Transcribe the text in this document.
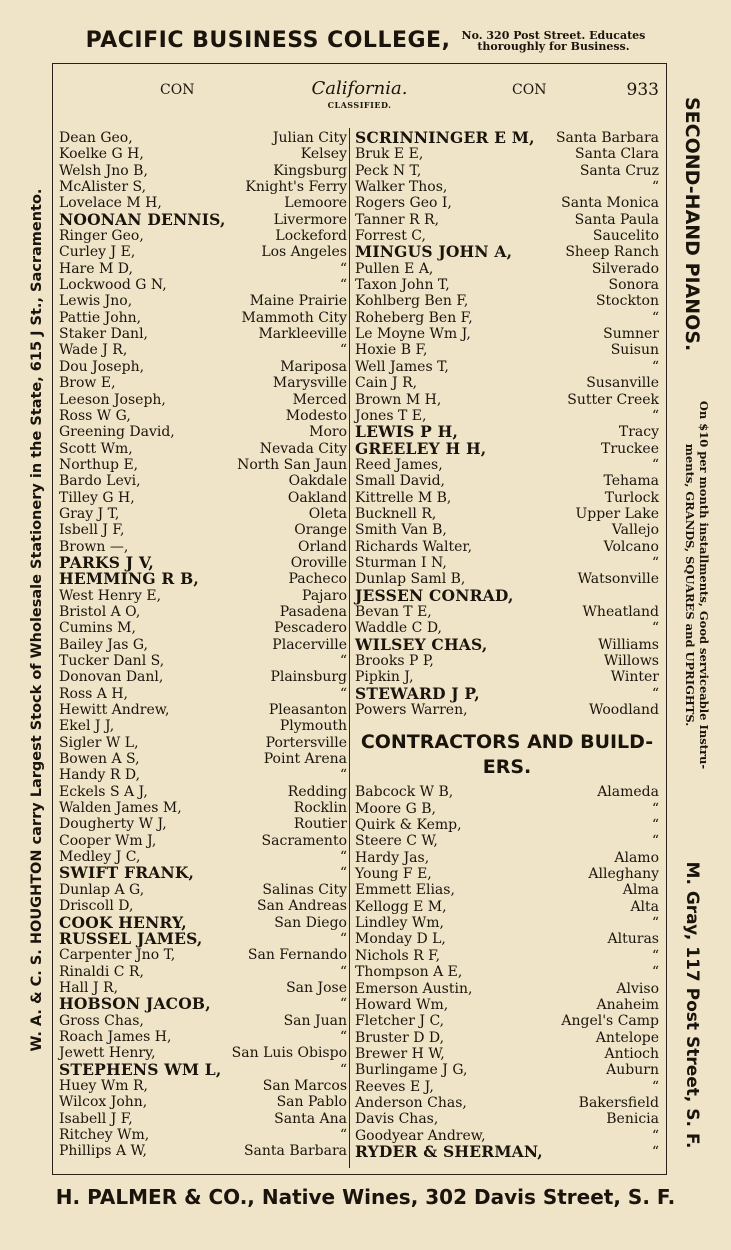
PACIFIC BUSINESS COLLEGE, No. 320 Post Street. Educates
thoroughly for Business.
W. A. & C. S. HOUGHTON carry Largest Stock of Wholesale Stationery in the State, 615 J St., Sacramento.	SECOND-HAND PIANOS.
On $10 per month installments, Good serviceable Instru-
ments, GRANDS, SQUARES and UPRIGHTS.
M. Gray, 117 Post Street, S. F.
CON	California.
CLASSIFIED.
CON	933
Dean Geo,	Julian City
Koelke G H,	Kelsey
Welsh Jno B,	Kingsburg
McAlister S,	Knight's Ferry
Lovelace M H,	Lemoore
NOONAN DENNIS,	Livermore
Ringer Geo,	Lockeford
Curley J E,	Los Angeles
Hare M D,	“
Lockwood G N,	“
Lewis Jno,	Maine Prairie
Pattie John,	Mammoth City
Staker Danl,	Markleeville
Wade J R,	“
Dou Joseph,	Mariposa
Brow E,	Marysville
Leeson Joseph,	Merced
Ross W G,	Modesto
Greening David,	Moro
Scott Wm,	Nevada City
Northup E,	North San Jaun
Bardo Levi,	Oakdale
Tilley G H,	Oakland
Gray J T,	Oleta
Isbell J F,	Orange
Brown —,	Orland
PARKS J V,	Oroville
HEMMING R B,	Pacheco
West Henry E,	Pajaro
Bristol A O,	Pasadena
Cumins M,	Pescadero
Bailey Jas G,	Placerville
Tucker Danl S,	“
Donovan Danl,	Plainsburg
Ross A H,	“
Hewitt Andrew,	Pleasanton
Ekel J J,	Plymouth
Sigler W L,	Portersville
Bowen A S,	Point Arena
Handy R D,	“
Eckels S A J,	Redding
Walden James M,	Rocklin
Dougherty W J,	Routier
Cooper Wm J,	Sacramento
Medley J C,	“
SWIFT FRANK,	“
Dunlap A G,	Salinas City
Driscoll D,	San Andreas
COOK HENRY,	San Diego
RUSSEL JAMES,	“
Carpenter Jno T,	San Fernando
Rinaldi C R,	“
Hall J R,	San Jose
HOBSON JACOB,	“
Gross Chas,	San Juan
Roach James H,	“
Jewett Henry,	San Luis Obispo
STEPHENS WM L,	“
Huey Wm R,	San Marcos
Wilcox John,	San Pablo
Isabell J F,	Santa Ana
Ritchey Wm,	“
Phillips A W,	Santa Barbara
SCRINNINGER E M, Santa Barbara
Bruk E E,	Santa Clara
Peck N T,	Santa Cruz
Walker Thos,	“
Rogers Geo I,	Santa Monica
Tanner R R,	Santa Paula
Forrest C,	Saucelito
MINGUS JOHN A,	Sheep Ranch
Pullen E A,	Silverado
Taxon John T,	Sonora
Kohlberg Ben F,	Stockton
Roheberg Ben F,	“
Le Moyne Wm J,	Sumner
Hoxie B F,	Suisun
Well James T,	“
Cain J R,	Susanville
Brown M H,	Sutter Creek
Jones T E,	“
LEWIS P H,	Tracy
GREELEY H H,	Truckee
Reed James,	“
Small David,	Tehama
Kittrelle M B,	Turlock
Bucknell R,	Upper Lake
Smith Van B,	Vallejo
Richards Walter,	Volcano
Sturman I N,	“
Dunlap Saml B,	Watsonville
JESSEN CONRAD,
Bevan T E,	Wheatland
Waddle C D,	“
WILSEY CHAS,	Williams
Brooks P P,	Willows
Pipkin J,	Winter
STEWARD J P,	“
Powers Warren,	Woodland
CONTRACTORS AND BUILD-
ERS.
Babcock W B,	Alameda
Moore G B,	“
Quirk & Kemp,	“
Steere C W,	“
Hardy Jas,	Alamo
Young F E,	Alleghany
Emmett Elias,	Alma
Kellogg E M,	Alta
Lindley Wm,	“
Monday D L,	Alturas
Nichols R F,	“
Thompson A E,	“
Emerson Austin,	Alviso
Howard Wm,	Anaheim
Fletcher J C,	Angel's Camp
Bruster D D,	Antelope
Brewer H W,	Antioch
Burlingame J G,	Auburn
Reeves E J,	“
Anderson Chas,	Bakersfield
Davis Chas,	Benicia
Goodyear Andrew,	“
RYDER & SHERMAN,	“
H. PALMER & CO., Native Wines, 302 Davis Street, S. F.
